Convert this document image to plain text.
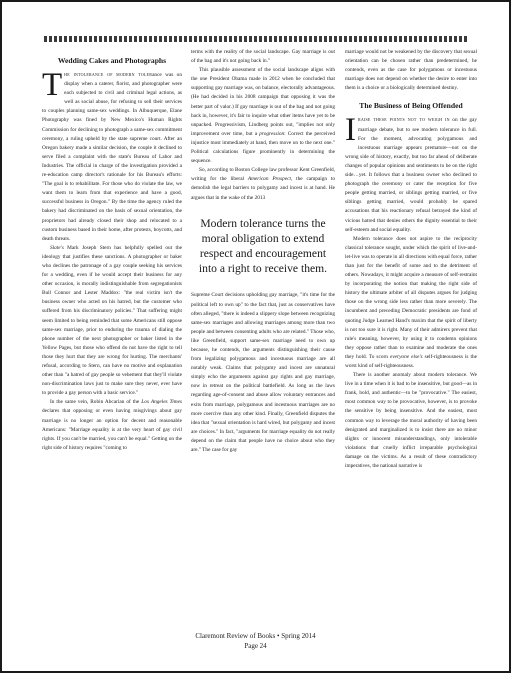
Wedding Cakes and Photographs

The intolerance of modern tolerance was on display when a caterer, florist, and photographer were each subjected to civil and criminal legal actions, as well as social abuse, for refusing to sell their services to couples planning same-sex weddings. In Albuquerque, Elane Photography was fined by New Mexico's Human Rights Commission for declining to photograph a same-sex commitment ceremony, a ruling upheld by the state supreme court. After an Oregon bakery made a similar decision, the couple it declined to serve filed a complaint with the state's Bureau of Labor and Industries. The official in charge of the investigation provided a re-education camp director's rationale for his Bureau's efforts: "The goal is to rehabilitate. For those who do violate the law, we want them to learn from that experience and have a good, successful business in Oregon." By the time the agency ruled the bakery had discriminated on the basis of sexual orientation, the proprietors had already closed their shop and relocated to a custom business based in their home, after protests, boycotts, and death threats.

Slate's Mark Joseph Stern has helpfully spelled out the ideology that justifies these sanctions. A photographer or baker who declines the patronage of a gay couple seeking his services for a wedding, even if he would accept their business for any other occasion, is morally indistinguishable from segregationists Bull Connor and Lester Maddox: "the real victim isn't the business owner who acted on his hatred, but the customer who suffered from his discriminatory policies." That suffering might seem limited to being reminded that some Americans still oppose same-sex marriage, prior to enduring the trauma of dialing the phone number of the next photographer or baker listed in the Yellow Pages, but those who offend do not have the right to tell those they hurt that they are wrong for hurting. The merchants' refusal, according to Stern, can have no motive and explanation other than "a hatred of gay people so vehement that they'll violate non-discrimination laws just to make sure they never, ever have to provide a gay person with a basic service."

In the same vein, Robin Abcarian of the Los Angeles Times declares that opposing or even having misgivings about gay marriage is no longer an option for decent and reasonable Americans: "Marriage equality is at the very heart of gay civil rights. If you can't be married, you can't be equal." Getting on the right side of history requires "coming to

terms with the reality of the social landscape. Gay marriage is out of the bag and it's not going back in."

This plausible assessment of the social landscape aligns with the one President Obama made in 2012 when he concluded that supporting gay marriage was, on balance, electorally advantageous. (He had decided in his 2008 campaign that opposing it was the better part of valor.) If gay marriage is out of the bag and not going back in, however, it's fair to inquire what other items have yet to be unpacked. Progressivism, Lindberg points out, "implies not only improvement over time, but a progression: Correct the perceived injustice most immediately at hand, then move on to the next one." Political calculations figure prominently in determining the sequence.

So, according to Boston College law professor Kent Greenfield, writing for the liberal American Prospect, the campaign to demolish the legal barriers to polygamy and incest is at hand. He argues that in the wake of the 2013

Modern tolerance turns the moral obligation to extend respect and encouragement into a right to receive them.

Supreme Court decisions upholding gay marriage, "it's time for the political left to own up" to the fact that, just as conservatives have often alleged, "there is indeed a slippery slope between recognizing same-sex marriages and allowing marriages among more than two people and between consenting adults who are related." Those who, like Greenfield, support same-sex marriage need to own up because, he contends, the arguments distinguishing their cause from legalizing polygamous and incestuous marriage are all notably weak. Claims that polygamy and incest are unnatural simply echo the arguments against gay rights and gay marriage, now in retreat on the political battlefield. As long as the laws regarding age-of-consent and abuse allow voluntary entrances and exits from marriage, polygamous and incestuous marriages are no more coercive than any other kind. Finally, Greenfield disputes the idea that "sexual orientation is hard wired, but polygamy and incest are choices." In fact, "arguments for marriage equality do not really depend on the claim that people have no choice about who they are." The case for gay

marriage would not be weakened by the discovery that sexual orientation can be chosen rather than predetermined, he contends, even as the case for polygamous or incestuous marriage does not depend on whether the desire to enter into them is a choice or a biologically determined destiny.

The Business of Being Offended

Iraise these points not to weigh in on the gay marriage debate, but to see modern tolerance in full. For the moment, advocating polygamous and incestuous marriage appears premature—not on the wrong side of history, exactly, but too far ahead of deliberate changes of popular opinions and sentiments to be on the right side…yet. It follows that a business owner who declined to photograph the ceremony or cater the reception for five people getting married, or siblings getting married, or five siblings getting married, would probably be spared accusations that his reactionary refusal betrayed the kind of vicious hatred that denies others the dignity essential to their self-esteem and social equality.

Modern tolerance does not aspire to the reciprocity classical tolerance sought, under which the spirit of live-and-let-live was to operate in all directions with equal force, rather than just for the benefit of some and to the detriment of others. Nowadays, it might acquire a measure of self-restraint by incorporating the notion that making the right side of history the ultimate arbiter of all disputes argues for judging those on the wrong side less rather than more severely. The incumbent and preceding Democratic presidents are fond of quoting Judge Learned Hand's maxim that the spirit of liberty is not too sure it is right. Many of their admirers prevent that rule's meaning, however, by using it to condemn opinions they oppose rather than to examine and moderate the ones they hold. To scorn everyone else's self-righteousness is the worst kind of self-righteousness.

There is another anomaly about modern tolerance. We live in a time when it is bad to be insensitive, but good—as in frank, bold, and authentic—to be "provocative." The easiest, most common way to be provocative, however, is to provoke the sensitive by being insensitive. And the easiest, most common way to leverage the moral authority of having been denigrated and marginalized is to insist there are no minor slights or innocent misunderstandings, only intolerable violations that cruelly inflict irreparable psychological damage on the victims. As a result of these contradictory imperatives, the national narrative is

Claremont Review of Books • Spring 2014
Page 24
